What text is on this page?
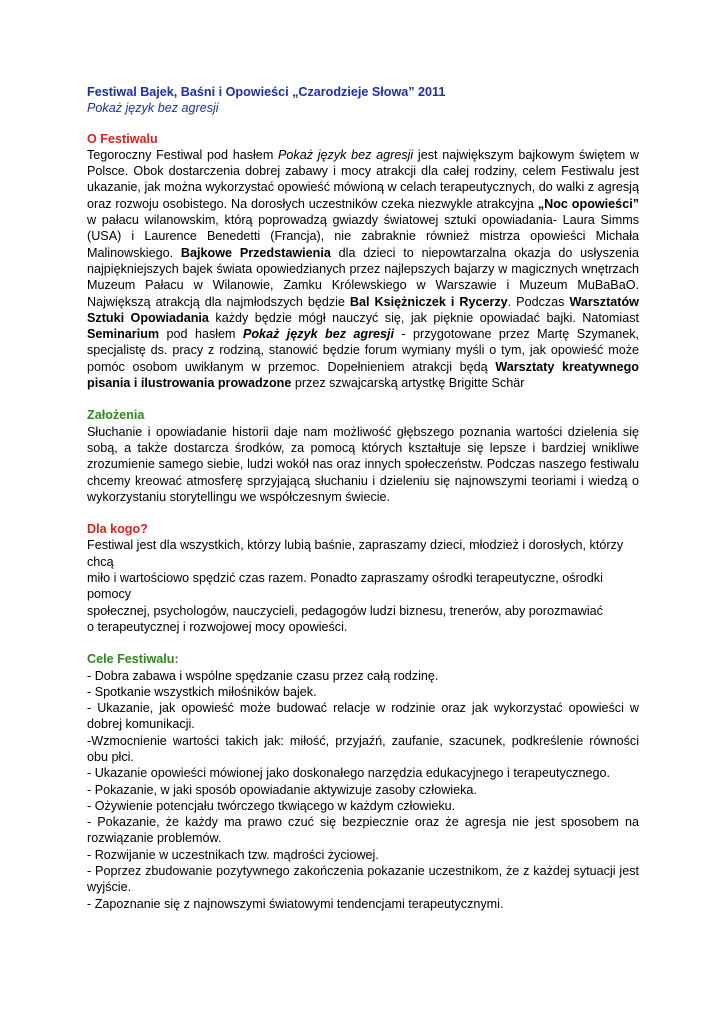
Festiwal Bajek, Baśni i Opowieści „Czarodzieje Słowa” 2011
Pokaż język bez agresji
O Festiwalu
Tegoroczny Festiwal pod hasłem Pokaż język bez agresji jest największym bajkowym świętem w Polsce. Obok dostarczenia dobrej zabawy i mocy atrakcji dla całej rodziny, celem Festiwalu jest ukazanie, jak można wykorzystać opowieść mówioną w celach terapeutycznych, do walki z agresją oraz rozwoju osobistego. Na dorosłych uczestników czeka niezwykle atrakcyjna „Noc opowieści” w pałacu wilanowskim, którą poprowadzą gwiazdy światowej sztuki opowiadania- Laura Simms (USA) i Laurence Benedetti (Francja), nie zabraknie również mistrza opowieści Michała Malinowskiego. Bajkowe Przedstawienia dla dzieci to niepowtarzalna okazja do usłyszenia najpiękniejszych bajek świata opowiedzianych przez najlepszych bajarzy w magicznych wnętrzach Muzeum Pałacu w Wilanowie, Zamku Królewskiego w Warszawie i Muzeum MuBaBaO. Największą atrakcją dla najmłodszych będzie Bal Księżniczek i Rycerzy. Podczas Warsztatów Sztuki Opowiadania każdy będzie mógł nauczyć się, jak pięknie opowiadać bajki. Natomiast Seminarium pod hasłem Pokaż język bez agresji - przygotowane przez Martę Szymanek, specjalistę ds. pracy z rodziną, stanowić będzie forum wymiany myśli o tym, jak opowieść może pomóc osobom uwikłanym w przemoc. Dopełnieniem atrakcji będą Warsztaty kreatywnego pisania i ilustrowania prowadzone przez szwajcarską artystkę Brigitte Schär
Założenia
Słuchanie i opowiadanie historii daje nam możliwość głębszego poznania wartości dzielenia się sobą, a także dostarcza środków, za pomocą których kształtuje się lepsze i bardziej wnikliwe zrozumienie samego siebie, ludzi wokół nas oraz innych społeczeństw. Podczas naszego festiwalu chcemy kreować atmosferę sprzyjającą słuchaniu i dzieleniu się najnowszymi teoriami i wiedzą o wykorzystaniu storytellingu we współczesnym świecie.
Dla kogo?
Festiwal jest dla wszystkich, którzy lubią baśnie, zapraszamy dzieci, młodzież i dorosłych, którzy chcą
miło i wartościowo spędzić czas razem. Ponadto zapraszamy ośrodki terapeutyczne, ośrodki pomocy
społecznej, psychologów, nauczycieli, pedagogów ludzi biznesu, trenerów, aby porozmawiać
o terapeutycznej i rozwojowej mocy opowieści.
Cele Festiwalu:
- Dobra zabawa i wspólne spędzanie czasu przez całą rodzinę.
- Spotkanie wszystkich miłośników bajek.
- Ukazanie, jak opowieść może budować relacje w rodzinie oraz jak wykorzystać opowieści w dobrej komunikacji.
-Wzmocnienie wartości takich jak: miłość, przyjaźń, zaufanie, szacunek, podkreślenie równości obu płci.
- Ukazanie opowieści mówionej jako doskonałego narzędzia edukacyjnego i terapeutycznego.
- Pokazanie, w jaki sposób opowiadanie aktywizuje zasoby człowieka.
- Ożywienie potencjału twórczego tkwiącego w każdym człowieku.
- Pokazanie, że każdy ma prawo czuć się bezpiecznie oraz że agresja nie jest sposobem na rozwiązanie problemów.
- Rozwijanie w uczestnikach tzw. mądrości życiowej.
- Poprzez zbudowanie pozytywnego zakończenia pokazanie uczestnikom, że z każdej sytuacji jest wyjście.
- Zapoznanie się z najnowszymi światowymi tendencjami terapeutycznymi.
